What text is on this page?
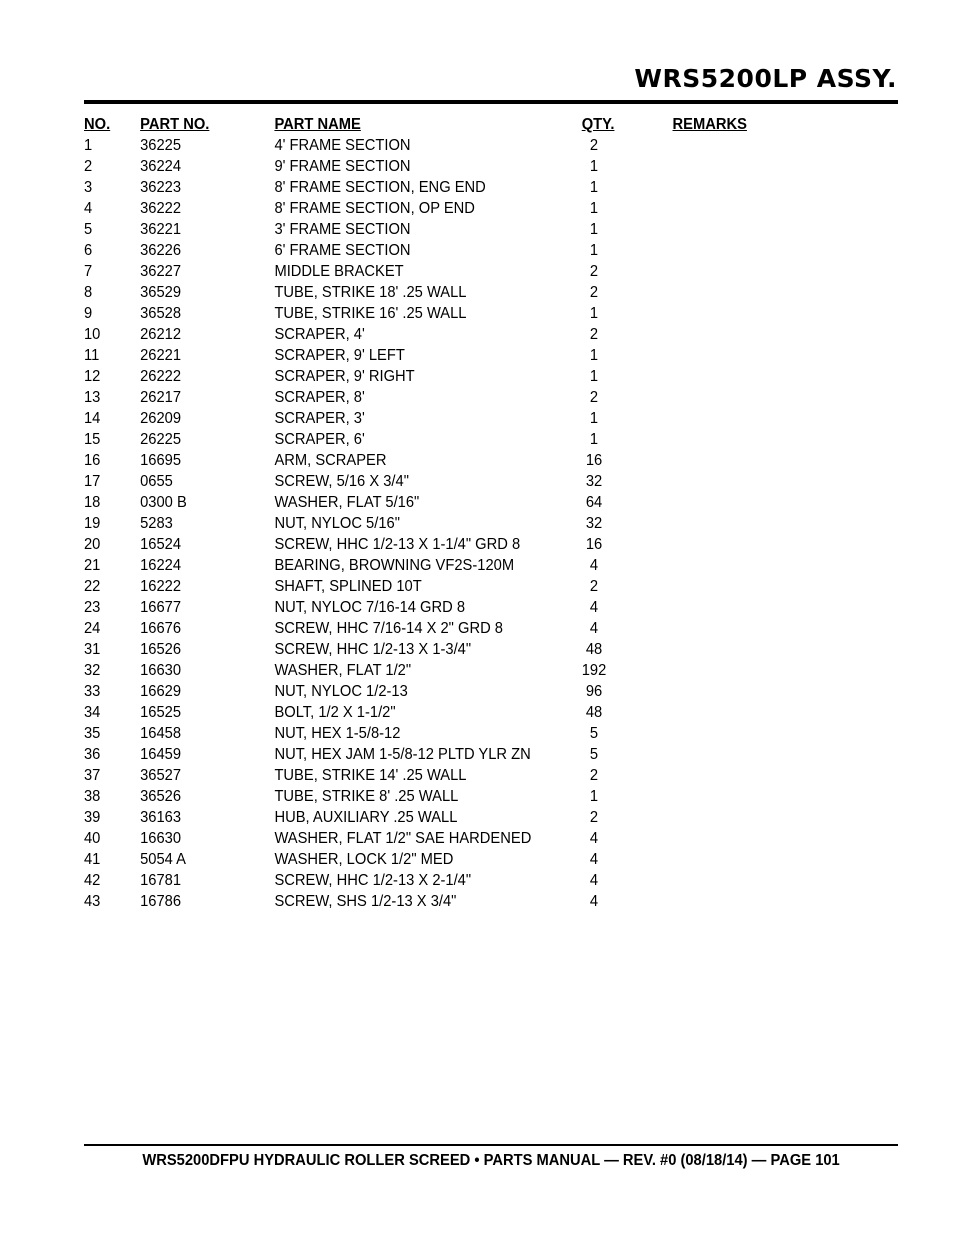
WRS5200LP ASSY.
NO.	PART NO.	PART NAME	QTY.	REMARKS
1	36225	4' FRAME SECTION	2	
2	36224	9' FRAME SECTION	1	
3	36223	8' FRAME SECTION, ENG END	1	
4	36222	8' FRAME SECTION, OP END	1	
5	36221	3' FRAME SECTION	1	
6	36226	6' FRAME SECTION	1	
7	36227	MIDDLE BRACKET	2	
8	36529	TUBE, STRIKE 18' .25 WALL	2	
9	36528	TUBE, STRIKE 16' .25 WALL	1	
10	26212	SCRAPER, 4'	2	
11	26221	SCRAPER, 9' LEFT	1	
12	26222	SCRAPER, 9' RIGHT	1	
13	26217	SCRAPER, 8'	2	
14	26209	SCRAPER, 3'	1	
15	26225	SCRAPER, 6'	1	
16	16695	ARM, SCRAPER	16	
17	0655	SCREW, 5/16 X 3/4"	32	
18	0300 B	WASHER, FLAT 5/16"	64	
19	5283	NUT, NYLOC 5/16"	32	
20	16524	SCREW, HHC 1/2-13 X 1-1/4" GRD 8	16	
21	16224	BEARING, BROWNING VF2S-120M	4	
22	16222	SHAFT, SPLINED 10T	2	
23	16677	NUT, NYLOC 7/16-14 GRD 8	4	
24	16676	SCREW, HHC 7/16-14 X 2" GRD 8	4	
31	16526	SCREW, HHC 1/2-13 X 1-3/4"	48	
32	16630	WASHER, FLAT 1/2"	192	
33	16629	NUT, NYLOC 1/2-13	96	
34	16525	BOLT, 1/2 X 1-1/2"	48	
35	16458	NUT, HEX 1-5/8-12	5	
36	16459	NUT, HEX JAM 1-5/8-12 PLTD YLR ZN	5	
37	36527	TUBE, STRIKE 14' .25 WALL	2	
38	36526	TUBE, STRIKE 8' .25 WALL	1	
39	36163	HUB, AUXILIARY .25 WALL	2	
40	16630	WASHER, FLAT 1/2" SAE HARDENED	4	
41	5054 A	WASHER, LOCK 1/2" MED	4	
42	16781	SCREW, HHC 1/2-13 X 2-1/4"	4	
43	16786	SCREW, SHS 1/2-13 X 3/4"	4	

WRS5200DFPU HYDRAULIC ROLLER SCREED • PARTS MANUAL — REV. #0 (08/18/14) — PAGE 101
